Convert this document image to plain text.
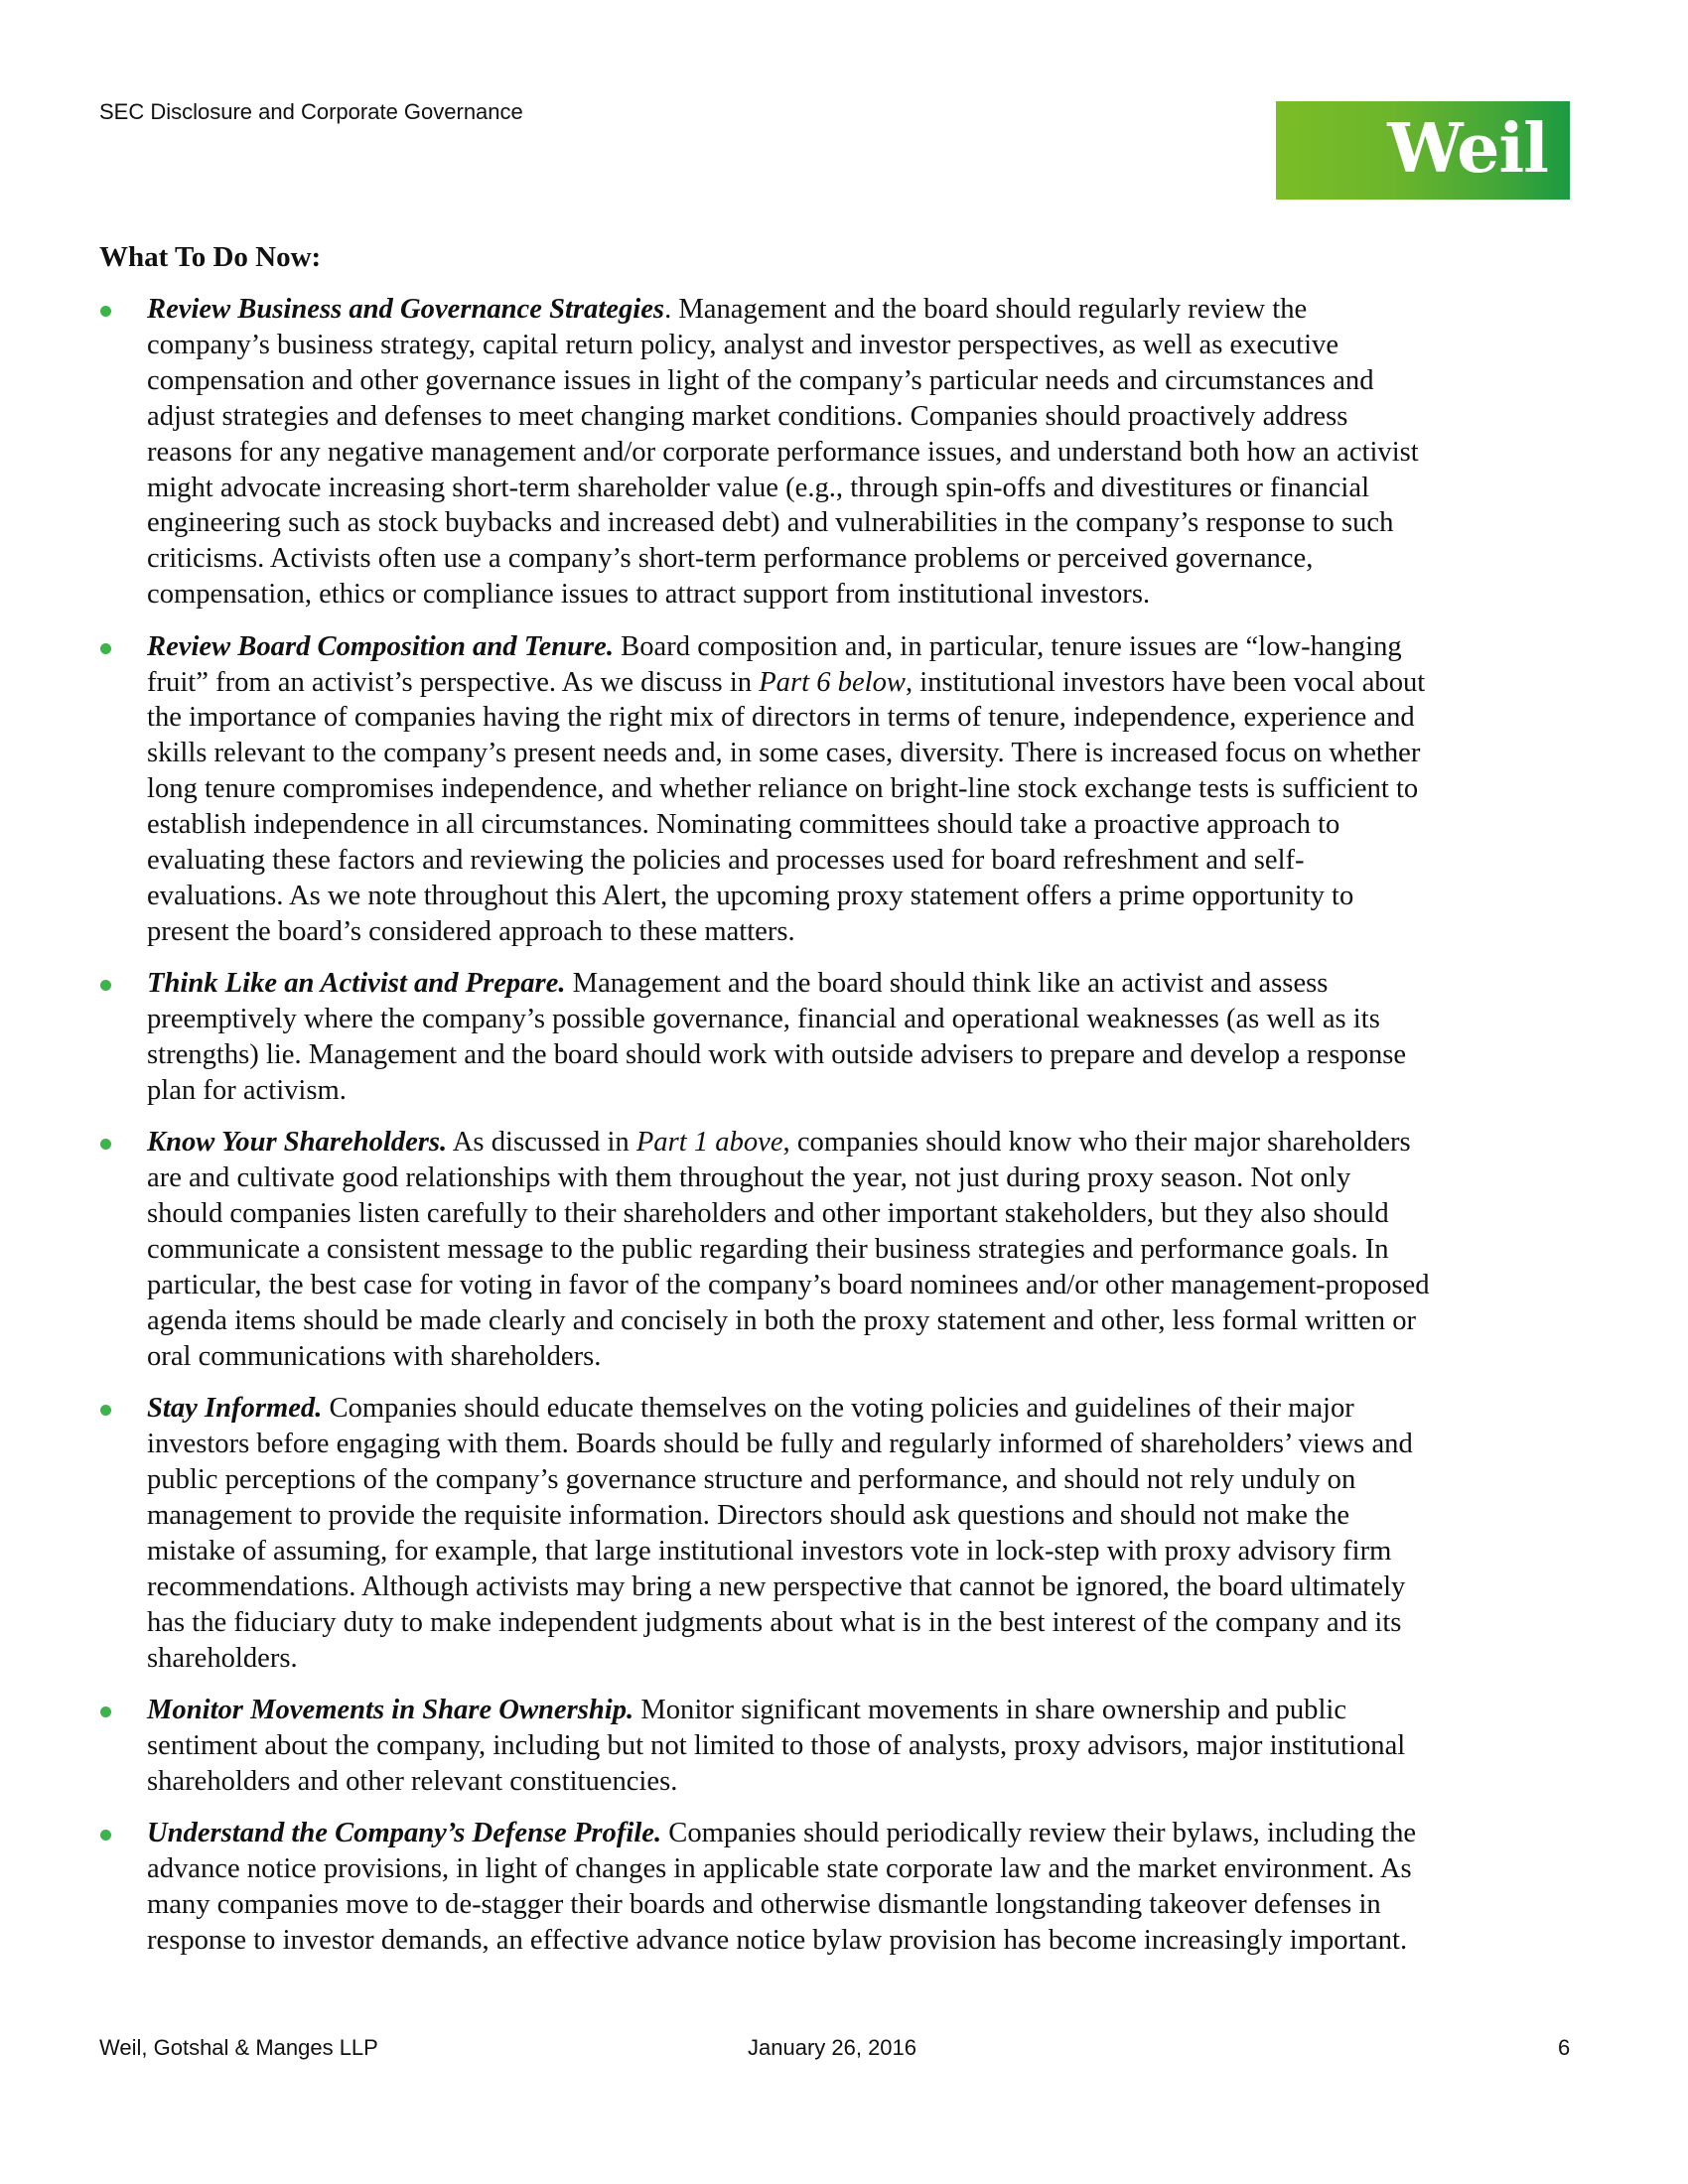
SEC Disclosure and Corporate Governance	Weil
What To Do Now:
Review Business and Governance Strategies. Management and the board should regularly review the
company’s business strategy, capital return policy, analyst and investor perspectives, as well as executive
compensation and other governance issues in light of the company’s particular needs and circumstances and
adjust strategies and defenses to meet changing market conditions. Companies should proactively address
reasons for any negative management and/or corporate performance issues, and understand both how an activist
might advocate increasing short-term shareholder value (e.g., through spin-offs and divestitures or financial
engineering such as stock buybacks and increased debt) and vulnerabilities in the company’s response to such
criticisms. Activists often use a company’s short-term performance problems or perceived governance,
compensation, ethics or compliance issues to attract support from institutional investors.
Review Board Composition and Tenure. Board composition and, in particular, tenure issues are “low-hanging
fruit” from an activist’s perspective. As we discuss in Part 6 below, institutional investors have been vocal about
the importance of companies having the right mix of directors in terms of tenure, independence, experience and
skills relevant to the company’s present needs and, in some cases, diversity. There is increased focus on whether
long tenure compromises independence, and whether reliance on bright-line stock exchange tests is sufficient to
establish independence in all circumstances. Nominating committees should take a proactive approach to
evaluating these factors and reviewing the policies and processes used for board refreshment and self-
evaluations. As we note throughout this Alert, the upcoming proxy statement offers a prime opportunity to
present the board’s considered approach to these matters.
Think Like an Activist and Prepare. Management and the board should think like an activist and assess
preemptively where the company’s possible governance, financial and operational weaknesses (as well as its
strengths) lie. Management and the board should work with outside advisers to prepare and develop a response
plan for activism.
Know Your Shareholders. As discussed in Part 1 above, companies should know who their major shareholders
are and cultivate good relationships with them throughout the year, not just during proxy season. Not only
should companies listen carefully to their shareholders and other important stakeholders, but they also should
communicate a consistent message to the public regarding their business strategies and performance goals. In
particular, the best case for voting in favor of the company’s board nominees and/or other management-proposed
agenda items should be made clearly and concisely in both the proxy statement and other, less formal written or
oral communications with shareholders.
Stay Informed. Companies should educate themselves on the voting policies and guidelines of their major
investors before engaging with them. Boards should be fully and regularly informed of shareholders’ views and
public perceptions of the company’s governance structure and performance, and should not rely unduly on
management to provide the requisite information. Directors should ask questions and should not make the
mistake of assuming, for example, that large institutional investors vote in lock-step with proxy advisory firm
recommendations. Although activists may bring a new perspective that cannot be ignored, the board ultimately
has the fiduciary duty to make independent judgments about what is in the best interest of the company and its
shareholders.
Monitor Movements in Share Ownership. Monitor significant movements in share ownership and public
sentiment about the company, including but not limited to those of analysts, proxy advisors, major institutional
shareholders and other relevant constituencies.
Understand the Company’s Defense Profile. Companies should periodically review their bylaws, including the
advance notice provisions, in light of changes in applicable state corporate law and the market environment. As
many companies move to de-stagger their boards and otherwise dismantle longstanding takeover defenses in
response to investor demands, an effective advance notice bylaw provision has become increasingly important.
Weil, Gotshal & Manges LLP	January 26, 2016	6
